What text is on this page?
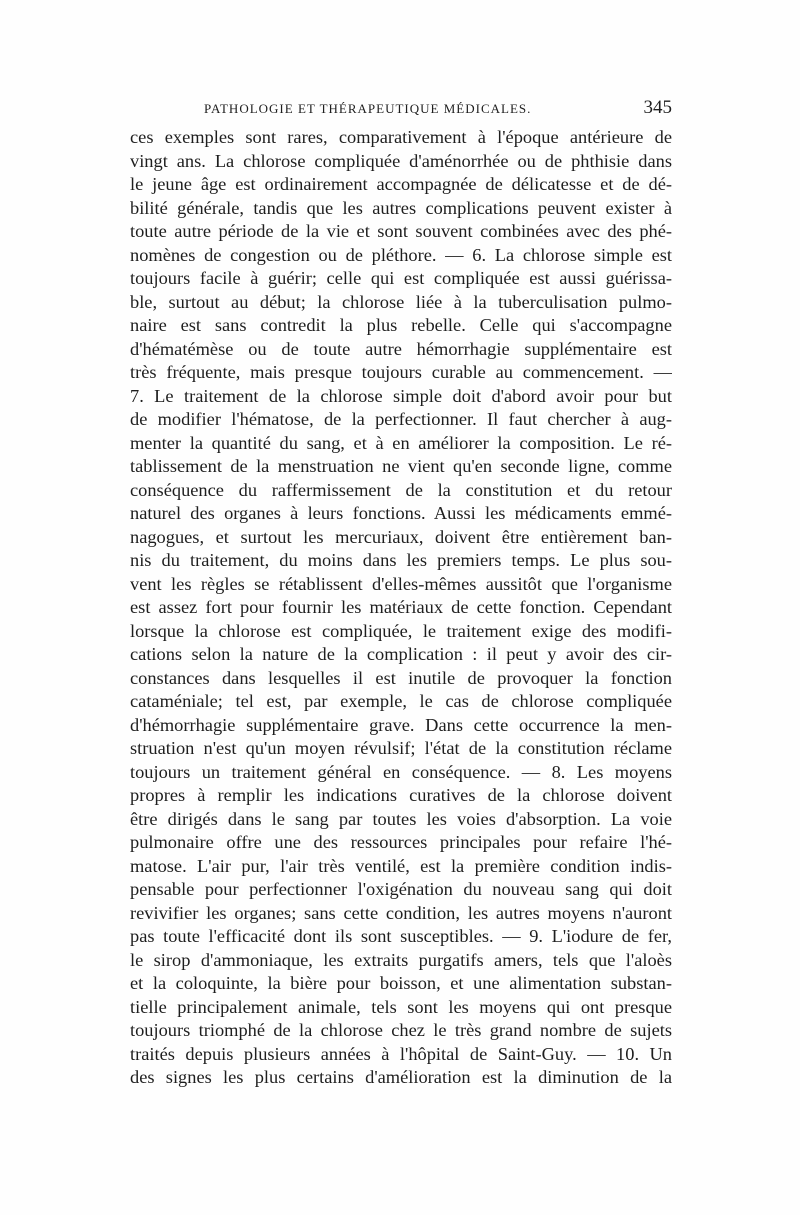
PATHOLOGIE ET THÉRAPEUTIQUE MÉDICALES.	345
ces exemples sont rares, comparativement à l'époque antérieure de
vingt ans. La chlorose compliquée d'aménorrhée ou de phthisie dans
le jeune âge est ordinairement accompagnée de délicatesse et de dé-
bilité générale, tandis que les autres complications peuvent exister à
toute autre période de la vie et sont souvent combinées avec des phé-
nomènes de congestion ou de pléthore. — 6. La chlorose simple est
toujours facile à guérir; celle qui est compliquée est aussi guérissa-
ble, surtout au début; la chlorose liée à la tuberculisation pulmo-
naire est sans contredit la plus rebelle. Celle qui s'accompagne
d'hématémèse ou de toute autre hémorrhagie supplémentaire est
très fréquente, mais presque toujours curable au commencement. —
7. Le traitement de la chlorose simple doit d'abord avoir pour but
de modifier l'hématose, de la perfectionner. Il faut chercher à aug-
menter la quantité du sang, et à en améliorer la composition. Le ré-
tablissement de la menstruation ne vient qu'en seconde ligne, comme
conséquence du raffermissement de la constitution et du retour
naturel des organes à leurs fonctions. Aussi les médicaments emmé-
nagogues, et surtout les mercuriaux, doivent être entièrement ban-
nis du traitement, du moins dans les premiers temps. Le plus sou-
vent les règles se rétablissent d'elles-mêmes aussitôt que l'organisme
est assez fort pour fournir les matériaux de cette fonction. Cependant
lorsque la chlorose est compliquée, le traitement exige des modifi-
cations selon la nature de la complication : il peut y avoir des cir-
constances dans lesquelles il est inutile de provoquer la fonction
cataméniale; tel est, par exemple, le cas de chlorose compliquée
d'hémorrhagie supplémentaire grave. Dans cette occurrence la men-
struation n'est qu'un moyen révulsif; l'état de la constitution réclame
toujours un traitement général en conséquence. — 8. Les moyens
propres à remplir les indications curatives de la chlorose doivent
être dirigés dans le sang par toutes les voies d'absorption. La voie
pulmonaire offre une des ressources principales pour refaire l'hé-
matose. L'air pur, l'air très ventilé, est la première condition indis-
pensable pour perfectionner l'oxigénation du nouveau sang qui doit
revivifier les organes; sans cette condition, les autres moyens n'auront
pas toute l'efficacité dont ils sont susceptibles. — 9. L'iodure de fer,
le sirop d'ammoniaque, les extraits purgatifs amers, tels que l'aloès
et la coloquinte, la bière pour boisson, et une alimentation substan-
tielle principalement animale, tels sont les moyens qui ont presque
toujours triomphé de la chlorose chez le très grand nombre de sujets
traités depuis plusieurs années à l'hôpital de Saint-Guy. — 10. Un
des signes les plus certains d'amélioration est la diminution de la
